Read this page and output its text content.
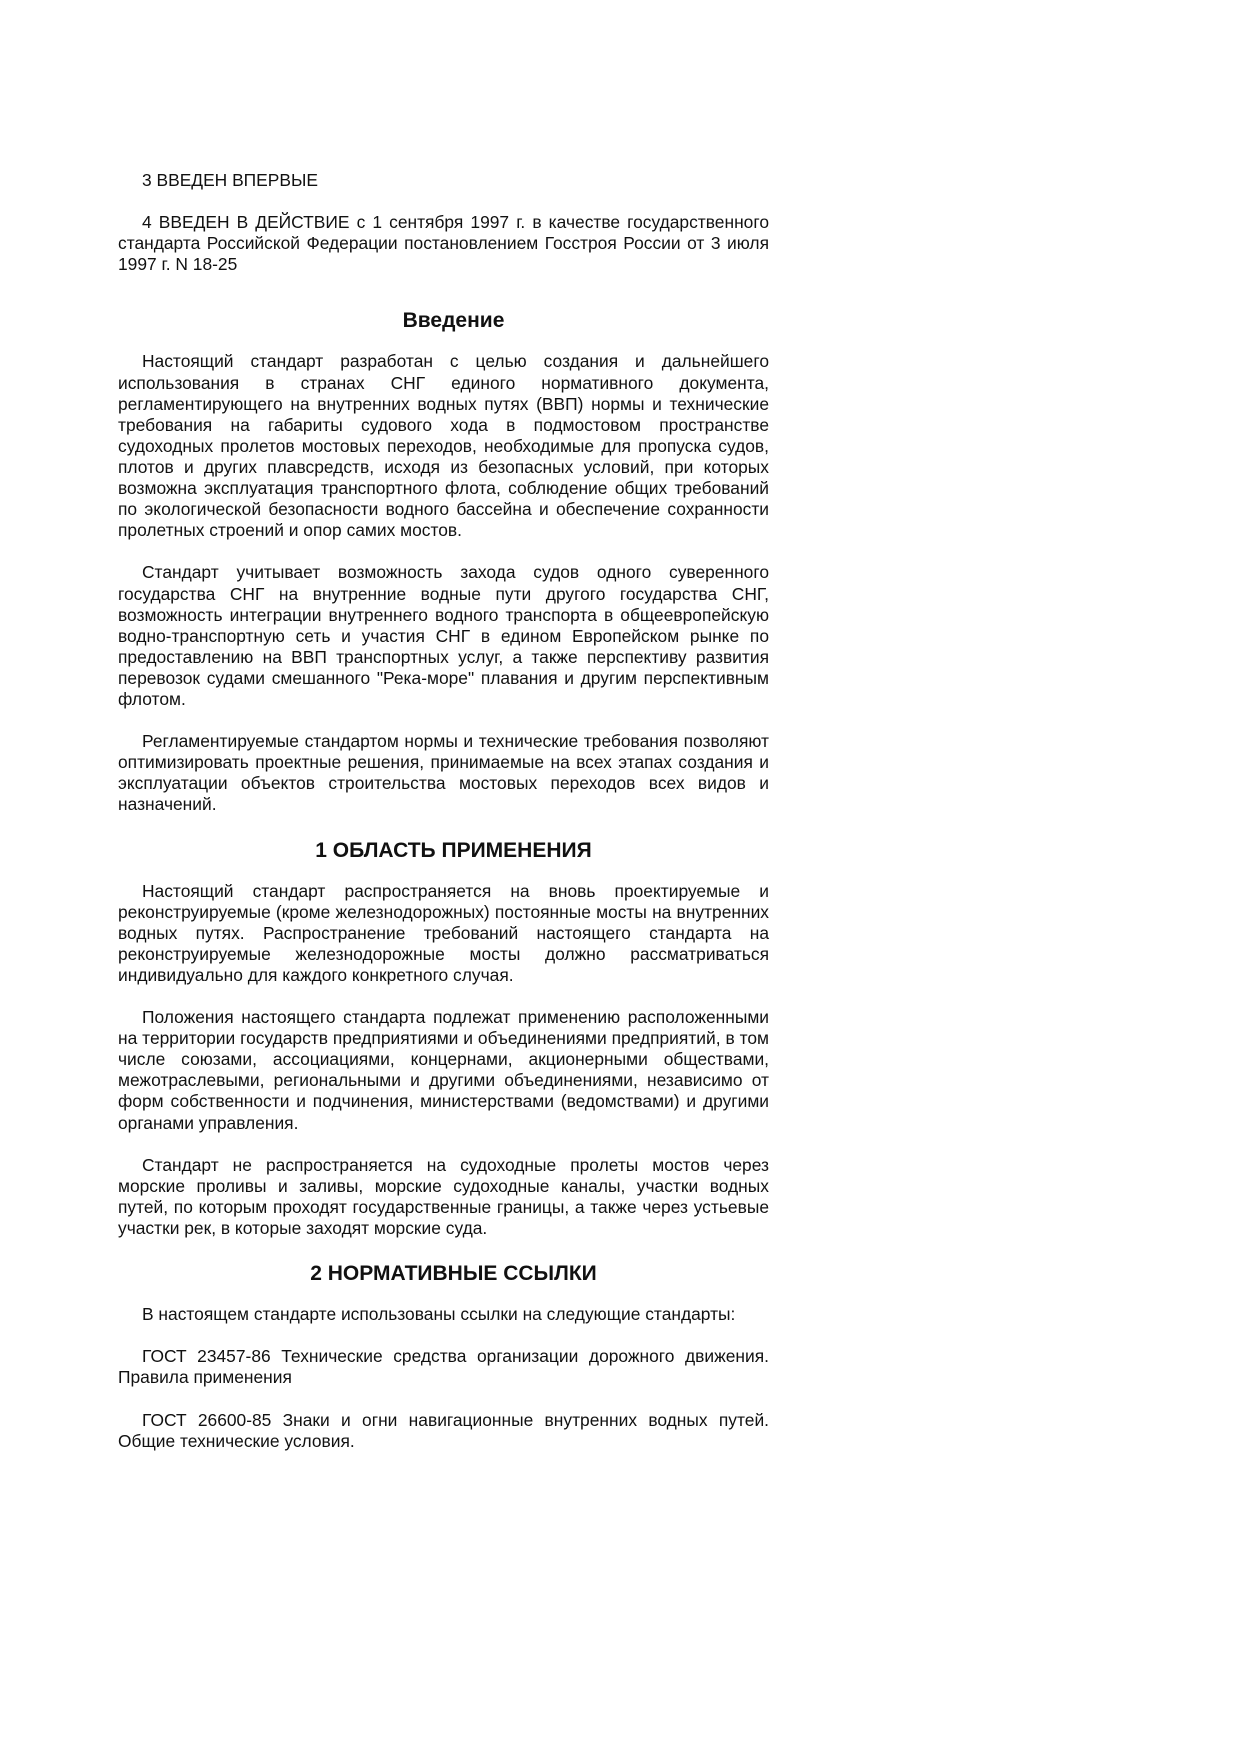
3 ВВЕДЕН ВПЕРВЫЕ

4 ВВЕДЕН В ДЕЙСТВИЕ с 1 сентября 1997 г. в качестве государственного стандарта Российской Федерации постановлением Госстроя России от 3 июля 1997 г. N 18-25

Введение

Настоящий стандарт разработан с целью создания и дальнейшего использования в странах СНГ единого нормативного документа, регламентирующего на внутренних водных путях (ВВП) нормы и технические требования на габариты судового хода в подмостовом пространстве судоходных пролетов мостовых переходов, необходимые для пропуска судов, плотов и других плавсредств, исходя из безопасных условий, при которых возможна эксплуатация транспортного флота, соблюдение общих требований по экологической безопасности водного бассейна и обеспечение сохранности пролетных строений и опор самих мостов.

Стандарт учитывает возможность захода судов одного суверенного государства СНГ на внутренние водные пути другого государства СНГ, возможность интеграции внутреннего водного транспорта в общеевропейскую водно-транспортную сеть и участия СНГ в едином Европейском рынке по предоставлению на ВВП транспортных услуг, а также перспективу развития перевозок судами смешанного "Река-море" плавания и другим перспективным флотом.

Регламентируемые стандартом нормы и технические требования позволяют оптимизировать проектные решения, принимаемые на всех этапах создания и эксплуатации объектов строительства мостовых переходов всех видов и назначений.

1 ОБЛАСТЬ ПРИМЕНЕНИЯ

Настоящий стандарт распространяется на вновь проектируемые и реконструируемые (кроме железнодорожных) постоянные мосты на внутренних водных путях. Распространение требований настоящего стандарта на реконструируемые железнодорожные мосты должно рассматриваться индивидуально для каждого конкретного случая.

Положения настоящего стандарта подлежат применению расположенными на территории государств предприятиями и объединениями предприятий, в том числе союзами, ассоциациями, концернами, акционерными обществами, межотраслевыми, региональными и другими объединениями, независимо от форм собственности и подчинения, министерствами (ведомствами) и другими органами управления.

Стандарт не распространяется на судоходные пролеты мостов через морские проливы и заливы, морские судоходные каналы, участки водных путей, по которым проходят государственные границы, а также через устьевые участки рек, в которые заходят морские суда.

2 НОРМАТИВНЫЕ ССЫЛКИ

В настоящем стандарте использованы ссылки на следующие стандарты:

ГОСТ 23457-86 Технические средства организации дорожного движения. Правила применения

ГОСТ 26600-85 Знаки и огни навигационные внутренних водных путей. Общие технические условия.
